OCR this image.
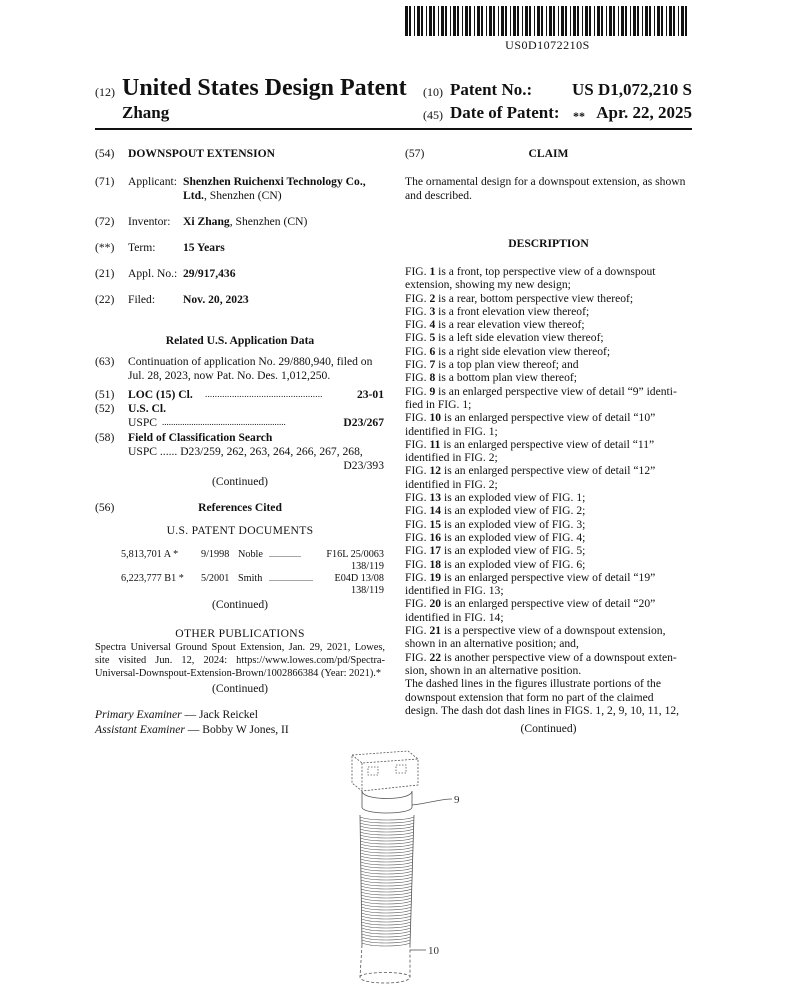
US0D1072210S
(12) United States Design Patent (10) Patent No.: US D1,072,210 S
Zhang	(45) Date of Patent: ** Apr. 22, 2025
(54) DOWNSPOUT EXTENSION
(71) Applicant: Shenzhen Ruichenxi Technology Co.,
Ltd., Shenzhen (CN)
(72) Inventor: Xi Zhang, Shenzhen (CN)
(**) Term: 15 Years
(21) Appl. No.: 29/917,436
(22) Filed: Nov. 20, 2023
Related U.S. Application Data
(63) Continuation of application No. 29/880,940, filed on
Jul. 28, 2023, now Pat. No. Des. 1,012,250.
(51) LOC (15) Cl. ................................................	23-01
(52) U.S. Cl.
USPC .......................................................	D23/267
(58) Field of Classification Search
USPC ...... D23/259, 262, 263, 264, 266, 267, 268,
D23/393
(Continued)
(56)	References Cited
U.S. PATENT DOCUMENTS
5,813,701 A * 9/1998 Noble ................ F16L 25/0063
138/119
6,223,777 B1 * 5/2001 Smith ...................... E04D 13/08
138/119
(Continued)
OTHER PUBLICATIONS
Spectra Universal Ground Spout Extension, Jan. 29, 2021, Lowes,
site visited Jun. 12, 2024: https://www.lowes.com/pd/Spectra-
Universal-Downspout-Extension-Brown/1002866384 (Year: 2021).*
(Continued)
Primary Examiner — Jack Reickel
Assistant Examiner — Bobby W Jones, II
(57)	CLAIM
The ornamental design for a downspout extension, as shown
and described.
DESCRIPTION
FIG. 1 is a front, top perspective view of a downspout
extension, showing my new design;
FIG. 2 is a rear, bottom perspective view thereof;
FIG. 3 is a front elevation view thereof;
FIG. 4 is a rear elevation view thereof;
FIG. 5 is a left side elevation view thereof;
FIG. 6 is a right side elevation view thereof;
FIG. 7 is a top plan view thereof; and
FIG. 8 is a bottom plan view thereof;
FIG. 9 is an enlarged perspective view of detail “9” identi-
fied in FIG. 1;
FIG. 10 is an enlarged perspective view of detail “10”
identified in FIG. 1;
FIG. 11 is an enlarged perspective view of detail “11”
identified in FIG. 2;
FIG. 12 is an enlarged perspective view of detail “12”
identified in FIG. 2;
FIG. 13 is an exploded view of FIG. 1;
FIG. 14 is an exploded view of FIG. 2;
FIG. 15 is an exploded view of FIG. 3;
FIG. 16 is an exploded view of FIG. 4;
FIG. 17 is an exploded view of FIG. 5;
FIG. 18 is an exploded view of FIG. 6;
FIG. 19 is an enlarged perspective view of detail “19”
identified in FIG. 13;
FIG. 20 is an enlarged perspective view of detail “20”
identified in FIG. 14;
FIG. 21 is a perspective view of a downspout extension,
shown in an alternative position; and,
FIG. 22 is another perspective view of a downspout exten-
sion, shown in an alternative position.
The dashed lines in the figures illustrate portions of the
downspout extension that form no part of the claimed
design. The dash dot dash lines in FIGS. 1, 2, 9, 10, 11, 12,
(Continued)
9
10
